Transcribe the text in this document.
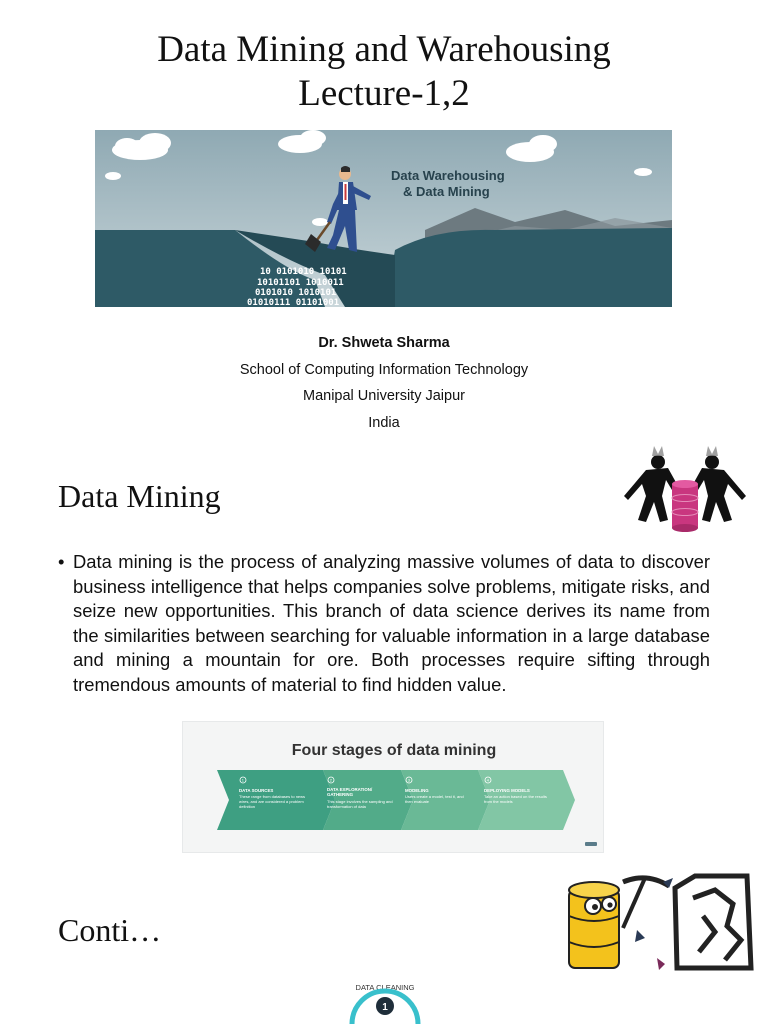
Data Mining and Warehousing
Lecture-1,2
10 0101010 10101
10101101 1010011
0101010 1010101
01010111 01101001
Data Warehousing
& Data Mining
Dr. Shweta Sharma
School of Computing Information Technology
Manipal University Jaipur
India
Data Mining
• Data mining is the process of analyzing massive volumes of data to discover business intelligence that helps companies solve problems, mitigate risks, and seize new opportunities. This branch of data science derives its name from the similarities between searching for valuable information in a large database and mining a mountain for ore. Both processes require sifting through tremendous amounts of material to find hidden value.
Four stages of data mining
1
DATA SOURCES
These range from databases to news wires, and are considered a problem definition
2
DATA EXPLORATION/ GATHERING
This stage involves the sampling and transformation of data
3
MODELING
Users create a model, test it, and then evaluate
4
DEPLOYING MODELS
Take an action based on the results from the models
Conti…
DATA CLEANING
1
